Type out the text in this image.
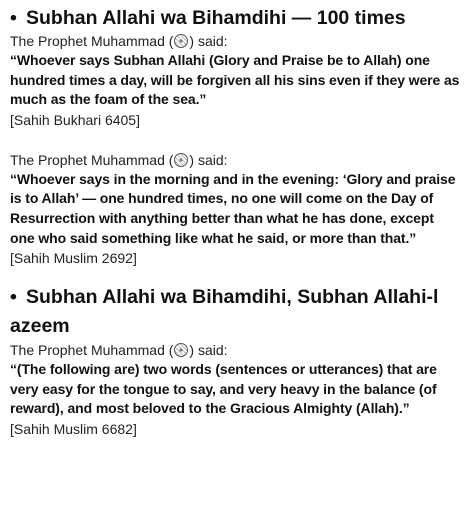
• Subhan Allahi wa Bihamdihi — 100 times

The Prophet Muhammad ( ) said:

“Whoever says Subhan Allahi (Glory and Praise be to Allah) one hundred times a day, will be forgiven all his sins even if they were as much as the foam of the sea.”

[Sahih Bukhari 6405]

The Prophet Muhammad ( ) said:

“Whoever says in the morning and in the evening: ‘Glory and praise is to Allah’ — one hundred times, no one will come on the Day of Resurrection with anything better than what he has done, except one who said something like what he said, or more than that.”

[Sahih Muslim 2692]

• Subhan Allahi wa Bihamdihi, Subhan Allahi-l azeem

The Prophet Muhammad ( ) said:

“(The following are) two words (sentences or utterances) that are very easy for the tongue to say, and very heavy in the balance (of reward), and most beloved to the Gracious Almighty (Allah).”

[Sahih Muslim 6682]
